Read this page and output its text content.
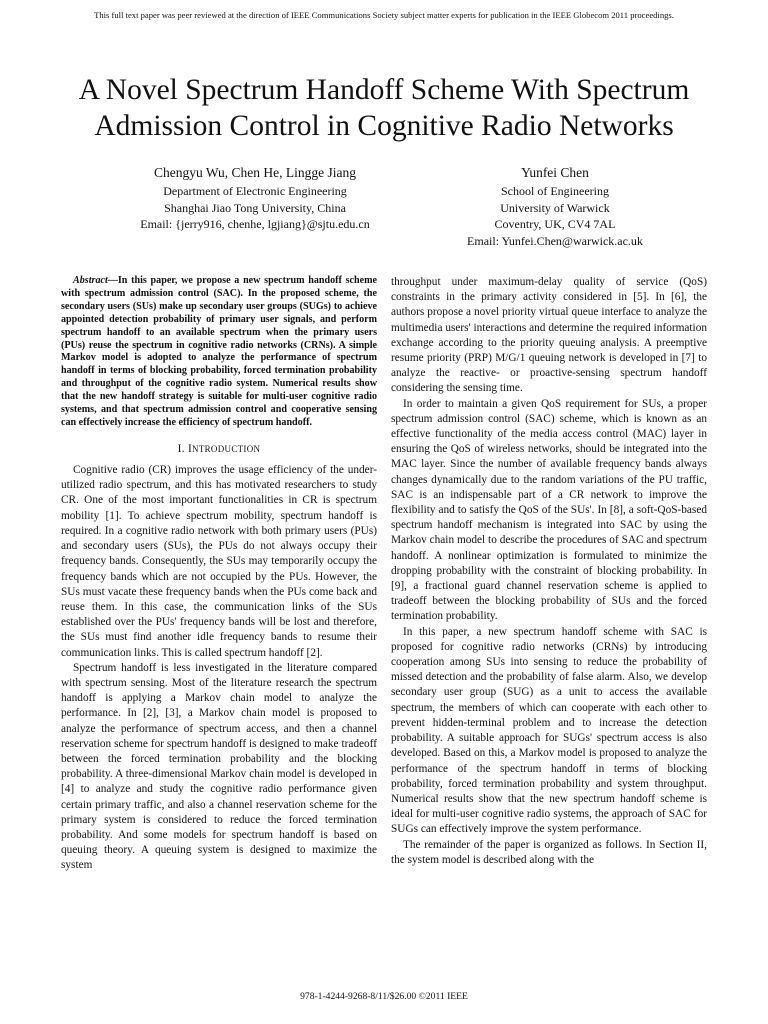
This full text paper was peer reviewed at the direction of IEEE Communications Society subject matter experts for publication in the IEEE Globecom 2011 proceedings.
A Novel Spectrum Handoff Scheme With Spectrum
Admission Control in Cognitive Radio Networks
Chengyu Wu, Chen He, Lingge Jiang
Department of Electronic Engineering
Shanghai Jiao Tong University, China
Email: {jerry916, chenhe, lgjiang}@sjtu.edu.cn
Yunfei Chen
School of Engineering
University of Warwick
Coventry, UK, CV4 7AL
Email: Yunfei.Chen@warwick.ac.uk

Abstract—In this paper, we propose a new spectrum handoff scheme with spectrum admission control (SAC). In the proposed scheme, the secondary users (SUs) make up secondary user groups (SUGs) to achieve appointed detection probability of primary user signals, and perform spectrum handoff to an available spectrum when the primary users (PUs) reuse the spectrum in cognitive radio networks (CRNs). A simple Markov model is adopted to analyze the performance of spectrum handoff in terms of blocking probability, forced termination probability and throughput of the cognitive radio system. Numerical results show that the new handoff strategy is suitable for multi-user cognitive radio systems, and that spectrum admission control and cooperative sensing can effectively increase the efficiency of spectrum handoff.

I. INTRODUCTION

Cognitive radio (CR) improves the usage efficiency of the under-utilized radio spectrum, and this has motivated researchers to study CR. One of the most important functionalities in CR is spectrum mobility [1]. To achieve spectrum mobility, spectrum handoff is required. In a cognitive radio network with both primary users (PUs) and secondary users (SUs), the PUs do not always occupy their frequency bands. Consequently, the SUs may temporarily occupy the frequency bands which are not occupied by the PUs. However, the SUs must vacate these frequency bands when the PUs come back and reuse them. In this case, the communication links of the SUs established over the PUs' frequency bands will be lost and therefore, the SUs must find another idle frequency bands to resume their communication links. This is called spectrum handoff [2].

Spectrum handoff is less investigated in the literature compared with spectrum sensing. Most of the literature research the spectrum handoff is applying a Markov chain model to analyze the performance. In [2], [3], a Markov chain model is proposed to analyze the performance of spectrum access, and then a channel reservation scheme for spectrum handoff is designed to make tradeoff between the forced termination probability and the blocking probability. A three-dimensional Markov chain model is developed in [4] to analyze and study the cognitive radio performance given certain primary traffic, and also a channel reservation scheme for the primary system is considered to reduce the forced termination probability. And some models for spectrum handoff is based on queuing theory. A queuing system is designed to maximize the system

throughput under maximum-delay quality of service (QoS) constraints in the primary activity considered in [5]. In [6], the authors propose a novel priority virtual queue interface to analyze the multimedia users' interactions and determine the required information exchange according to the priority queuing analysis. A preemptive resume priority (PRP) M/G/1 queuing network is developed in [7] to analyze the reactive- or proactive-sensing spectrum handoff considering the sensing time.

In order to maintain a given QoS requirement for SUs, a proper spectrum admission control (SAC) scheme, which is known as an effective functionality of the media access control (MAC) layer in ensuring the QoS of wireless networks, should be integrated into the MAC layer. Since the number of available frequency bands always changes dynamically due to the random variations of the PU traffic, SAC is an indispensable part of a CR network to improve the flexibility and to satisfy the QoS of the SUs'. In [8], a soft-QoS-based spectrum handoff mechanism is integrated into SAC by using the Markov chain model to describe the procedures of SAC and spectrum handoff. A nonlinear optimization is formulated to minimize the dropping probability with the constraint of blocking probability. In [9], a fractional guard channel reservation scheme is applied to tradeoff between the blocking probability of SUs and the forced termination probability.

In this paper, a new spectrum handoff scheme with SAC is proposed for cognitive radio networks (CRNs) by introducing cooperation among SUs into sensing to reduce the probability of missed detection and the probability of false alarm. Also, we develop secondary user group (SUG) as a unit to access the available spectrum, the members of which can cooperate with each other to prevent hidden-terminal problem and to increase the detection probability. A suitable approach for SUGs' spectrum access is also developed. Based on this, a Markov model is proposed to analyze the performance of the spectrum handoff in terms of blocking probability, forced termination probability and system throughput. Numerical results show that the new spectrum handoff scheme is ideal for multi-user cognitive radio systems, the approach of SAC for SUGs can effectively improve the system performance.

The remainder of the paper is organized as follows. In Section II, the system model is described along with the

978-1-4244-9268-8/11/$26.00 ©2011 IEEE
